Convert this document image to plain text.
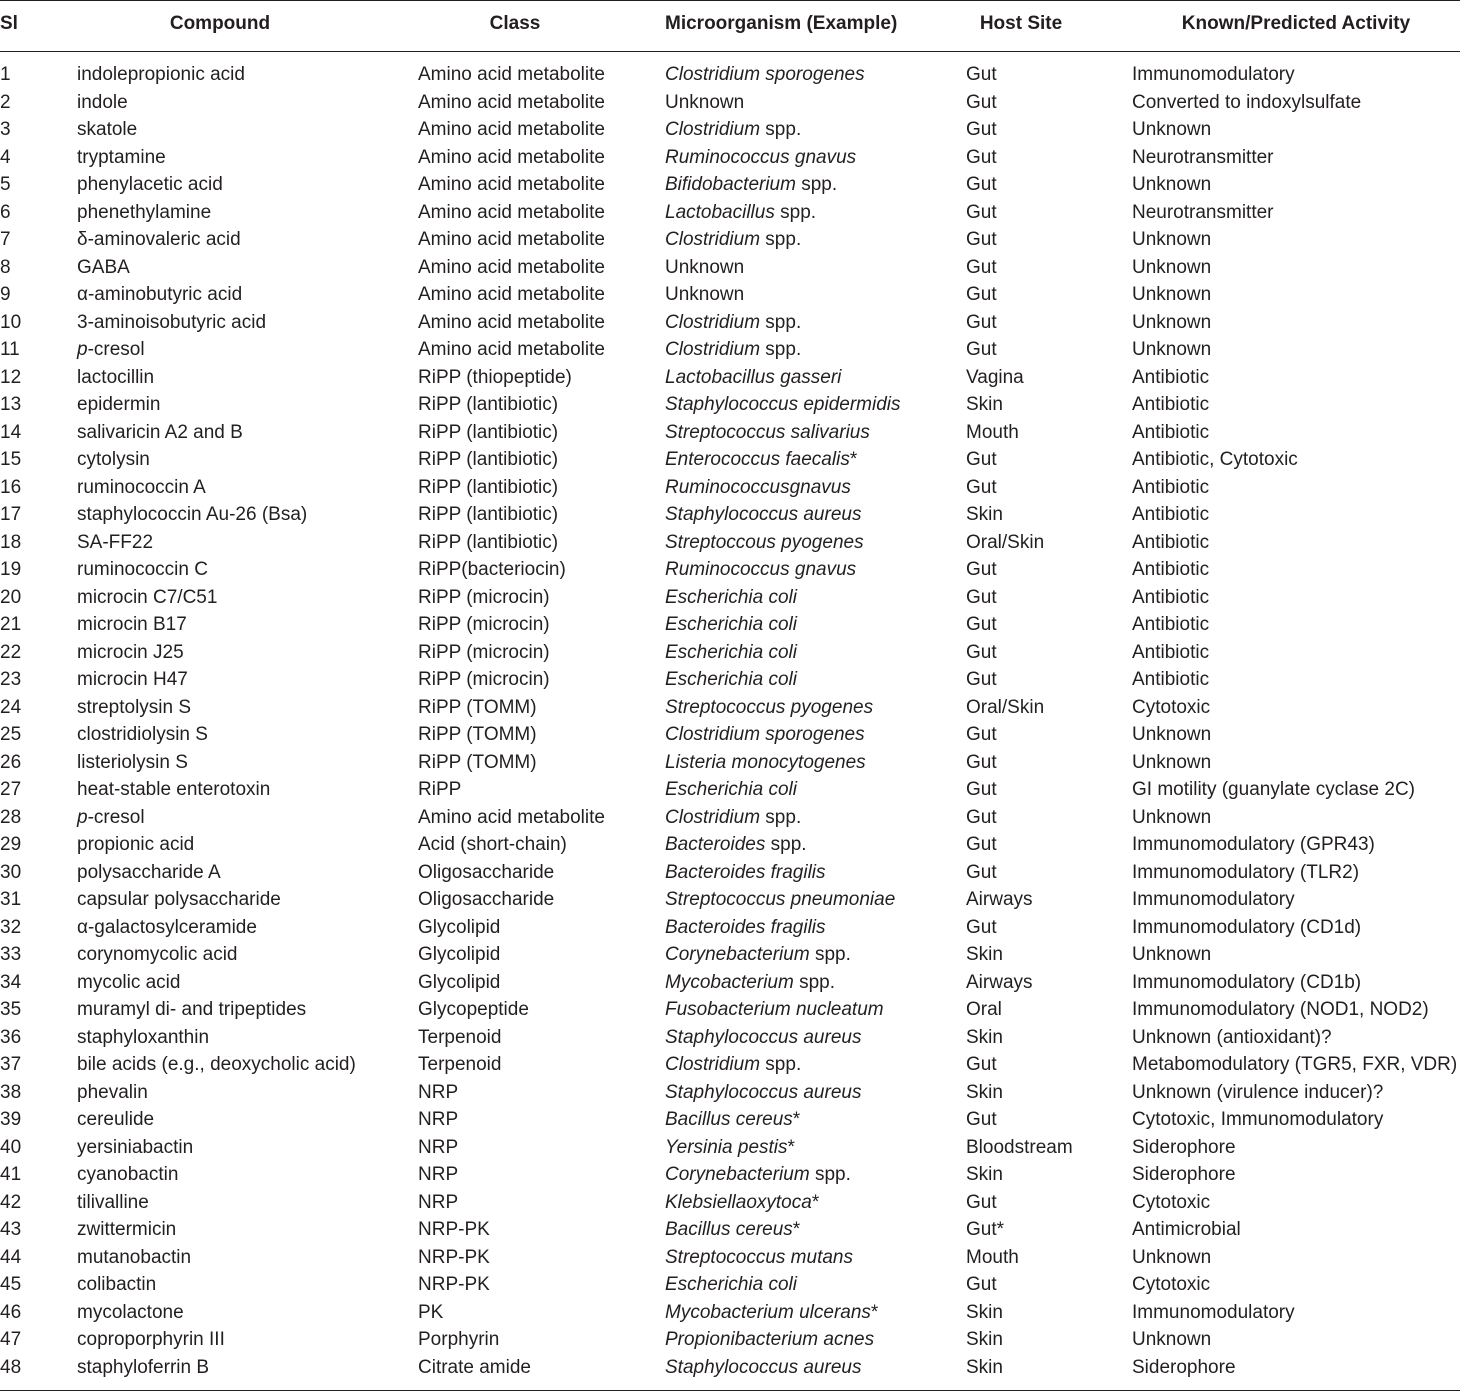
Sl	Compound	Class	Microorganism (Example)	Host Site	Known/Predicted Activity
1	indolepropionic acid	Amino acid metabolite	Clostridium sporogenes	Gut	Immunomodulatory
2	indole	Amino acid metabolite	Unknown	Gut	Converted to indoxylsulfate
3	skatole	Amino acid metabolite	Clostridium spp.	Gut	Unknown
4	tryptamine	Amino acid metabolite	Ruminococcus gnavus	Gut	Neurotransmitter
5	phenylacetic acid	Amino acid metabolite	Bifidobacterium spp.	Gut	Unknown
6	phenethylamine	Amino acid metabolite	Lactobacillus spp.	Gut	Neurotransmitter
7	δ-aminovaleric acid	Amino acid metabolite	Clostridium spp.	Gut	Unknown
8	GABA	Amino acid metabolite	Unknown	Gut	Unknown
9	α-aminobutyric acid	Amino acid metabolite	Unknown	Gut	Unknown
10	3-aminoisobutyric acid	Amino acid metabolite	Clostridium spp.	Gut	Unknown
11	p-cresol	Amino acid metabolite	Clostridium spp.	Gut	Unknown
12	lactocillin	RiPP (thiopeptide)	Lactobacillus gasseri	Vagina	Antibiotic
13	epidermin	RiPP (lantibiotic)	Staphylococcus epidermidis	Skin	Antibiotic
14	salivaricin A2 and B	RiPP (lantibiotic)	Streptococcus salivarius	Mouth	Antibiotic
15	cytolysin	RiPP (lantibiotic)	Enterococcus faecalis*	Gut	Antibiotic, Cytotoxic
16	ruminococcin A	RiPP (lantibiotic)	Ruminococcusgnavus	Gut	Antibiotic
17	staphylococcin Au-26 (Bsa)	RiPP (lantibiotic)	Staphylococcus aureus	Skin	Antibiotic
18	SA-FF22	RiPP (lantibiotic)	Streptoccous pyogenes	Oral/Skin	Antibiotic
19	ruminococcin C	RiPP(bacteriocin)	Ruminococcus gnavus	Gut	Antibiotic
20	microcin C7/C51	RiPP (microcin)	Escherichia coli	Gut	Antibiotic
21	microcin B17	RiPP (microcin)	Escherichia coli	Gut	Antibiotic
22	microcin J25	RiPP (microcin)	Escherichia coli	Gut	Antibiotic
23	microcin H47	RiPP (microcin)	Escherichia coli	Gut	Antibiotic
24	streptolysin S	RiPP (TOMM)	Streptococcus pyogenes	Oral/Skin	Cytotoxic
25	clostridiolysin S	RiPP (TOMM)	Clostridium sporogenes	Gut	Unknown
26	listeriolysin S	RiPP (TOMM)	Listeria monocytogenes	Gut	Unknown
27	heat-stable enterotoxin	RiPP	Escherichia coli	Gut	GI motility (guanylate cyclase 2C)
28	p-cresol	Amino acid metabolite	Clostridium spp.	Gut	Unknown
29	propionic acid	Acid (short-chain)	Bacteroides spp.	Gut	Immunomodulatory (GPR43)
30	polysaccharide A	Oligosaccharide	Bacteroides fragilis	Gut	Immunomodulatory (TLR2)
31	capsular polysaccharide	Oligosaccharide	Streptococcus pneumoniae	Airways	Immunomodulatory
32	α-galactosylceramide	Glycolipid	Bacteroides fragilis	Gut	Immunomodulatory (CD1d)
33	corynomycolic acid	Glycolipid	Corynebacterium spp.	Skin	Unknown
34	mycolic acid	Glycolipid	Mycobacterium spp.	Airways	Immunomodulatory (CD1b)
35	muramyl di- and tripeptides	Glycopeptide	Fusobacterium nucleatum	Oral	Immunomodulatory (NOD1, NOD2)
36	staphyloxanthin	Terpenoid	Staphylococcus aureus	Skin	Unknown (antioxidant)?
37	bile acids (e.g., deoxycholic acid)	Terpenoid	Clostridium spp.	Gut	Metabomodulatory (TGR5, FXR, VDR)
38	phevalin	NRP	Staphylococcus aureus	Skin	Unknown (virulence inducer)?
39	cereulide	NRP	Bacillus cereus*	Gut	Cytotoxic, Immunomodulatory
40	yersiniabactin	NRP	Yersinia pestis*	Bloodstream	Siderophore
41	cyanobactin	NRP	Corynebacterium spp.	Skin	Siderophore
42	tilivalline	NRP	Klebsiellaoxytoca*	Gut	Cytotoxic
43	zwittermicin	NRP-PK	Bacillus cereus*	Gut*	Antimicrobial
44	mutanobactin	NRP-PK	Streptococcus mutans	Mouth	Unknown
45	colibactin	NRP-PK	Escherichia coli	Gut	Cytotoxic
46	mycolactone	PK	Mycobacterium ulcerans*	Skin	Immunomodulatory
47	coproporphyrin III	Porphyrin	Propionibacterium acnes	Skin	Unknown
48	staphyloferrin B	Citrate amide	Staphylococcus aureus	Skin	Siderophore
